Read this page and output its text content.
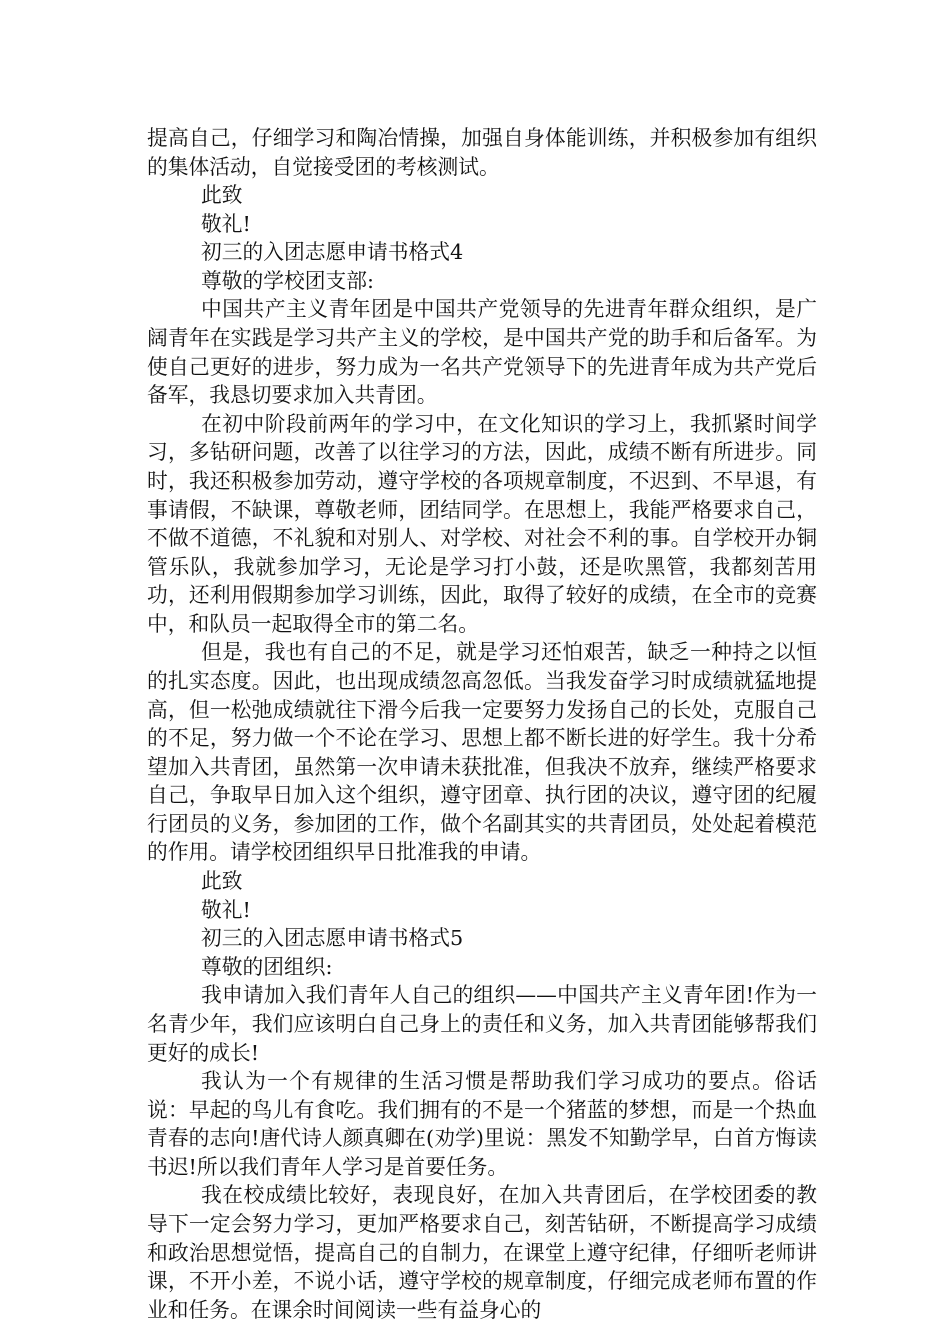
提高自己，仔细学习和陶冶情操，加强自身体能训练，并积极参加有组织的集体活动，自觉接受团的考核测试。

此致

敬礼!

初三的入团志愿申请书格式4

尊敬的学校团支部:

中国共产主义青年团是中国共产党领导的先进青年群众组织，是广阔青年在实践是学习共产主义的学校，是中国共产党的助手和后备军。为使自己更好的进步，努力成为一名共产党领导下的先进青年成为共产党后备军，我恳切要求加入共青团。

在初中阶段前两年的学习中，在文化知识的学习上，我抓紧时间学习，多钻研问题，改善了以往学习的方法，因此，成绩不断有所进步。同时，我还积极参加劳动，遵守学校的各项规章制度，不迟到、不早退，有事请假，不缺课，尊敬老师，团结同学。在思想上，我能严格要求自己，不做不道德，不礼貌和对别人、对学校、对社会不利的事。自学校开办铜管乐队，我就参加学习，无论是学习打小鼓，还是吹黑管，我都刻苦用功，还利用假期参加学习训练，因此，取得了较好的成绩，在全市的竞赛中，和队员一起取得全市的第二名。

但是，我也有自己的不足，就是学习还怕艰苦，缺乏一种持之以恒的扎实态度。因此，也出现成绩忽高忽低。当我发奋学习时成绩就猛地提高，但一松弛成绩就往下滑今后我一定要努力发扬自己的长处，克服自己的不足，努力做一个不论在学习、思想上都不断长进的好学生。我十分希望加入共青团，虽然第一次申请未获批准，但我决不放弃，继续严格要求自己，争取早日加入这个组织，遵守团章、执行团的决议，遵守团的纪履行团员的义务，参加团的工作，做个名副其实的共青团员，处处起着模范的作用。请学校团组织早日批准我的申请。

此致

敬礼!

初三的入团志愿申请书格式5

尊敬的团组织:

我申请加入我们青年人自己的组织——中国共产主义青年团!作为一名青少年，我们应该明白自己身上的责任和义务，加入共青团能够帮我们更好的成长!

我认为一个有规律的生活习惯是帮助我们学习成功的要点。俗话说：早起的鸟儿有食吃。我们拥有的不是一个猪蓝的梦想，而是一个热血青春的志向!唐代诗人颜真卿在(劝学)里说：黑发不知勤学早，白首方悔读书迟!所以我们青年人学习是首要任务。

我在校成绩比较好，表现良好，在加入共青团后，在学校团委的教导下一定会努力学习，更加严格要求自己，刻苦钻研，不断提高学习成绩和政治思想觉悟，提高自己的自制力，在课堂上遵守纪律，仔细听老师讲课，不开小差，不说小话，遵守学校的规章制度，仔细完成老师布置的作业和任务。在课余时间阅读一些有益身心的
